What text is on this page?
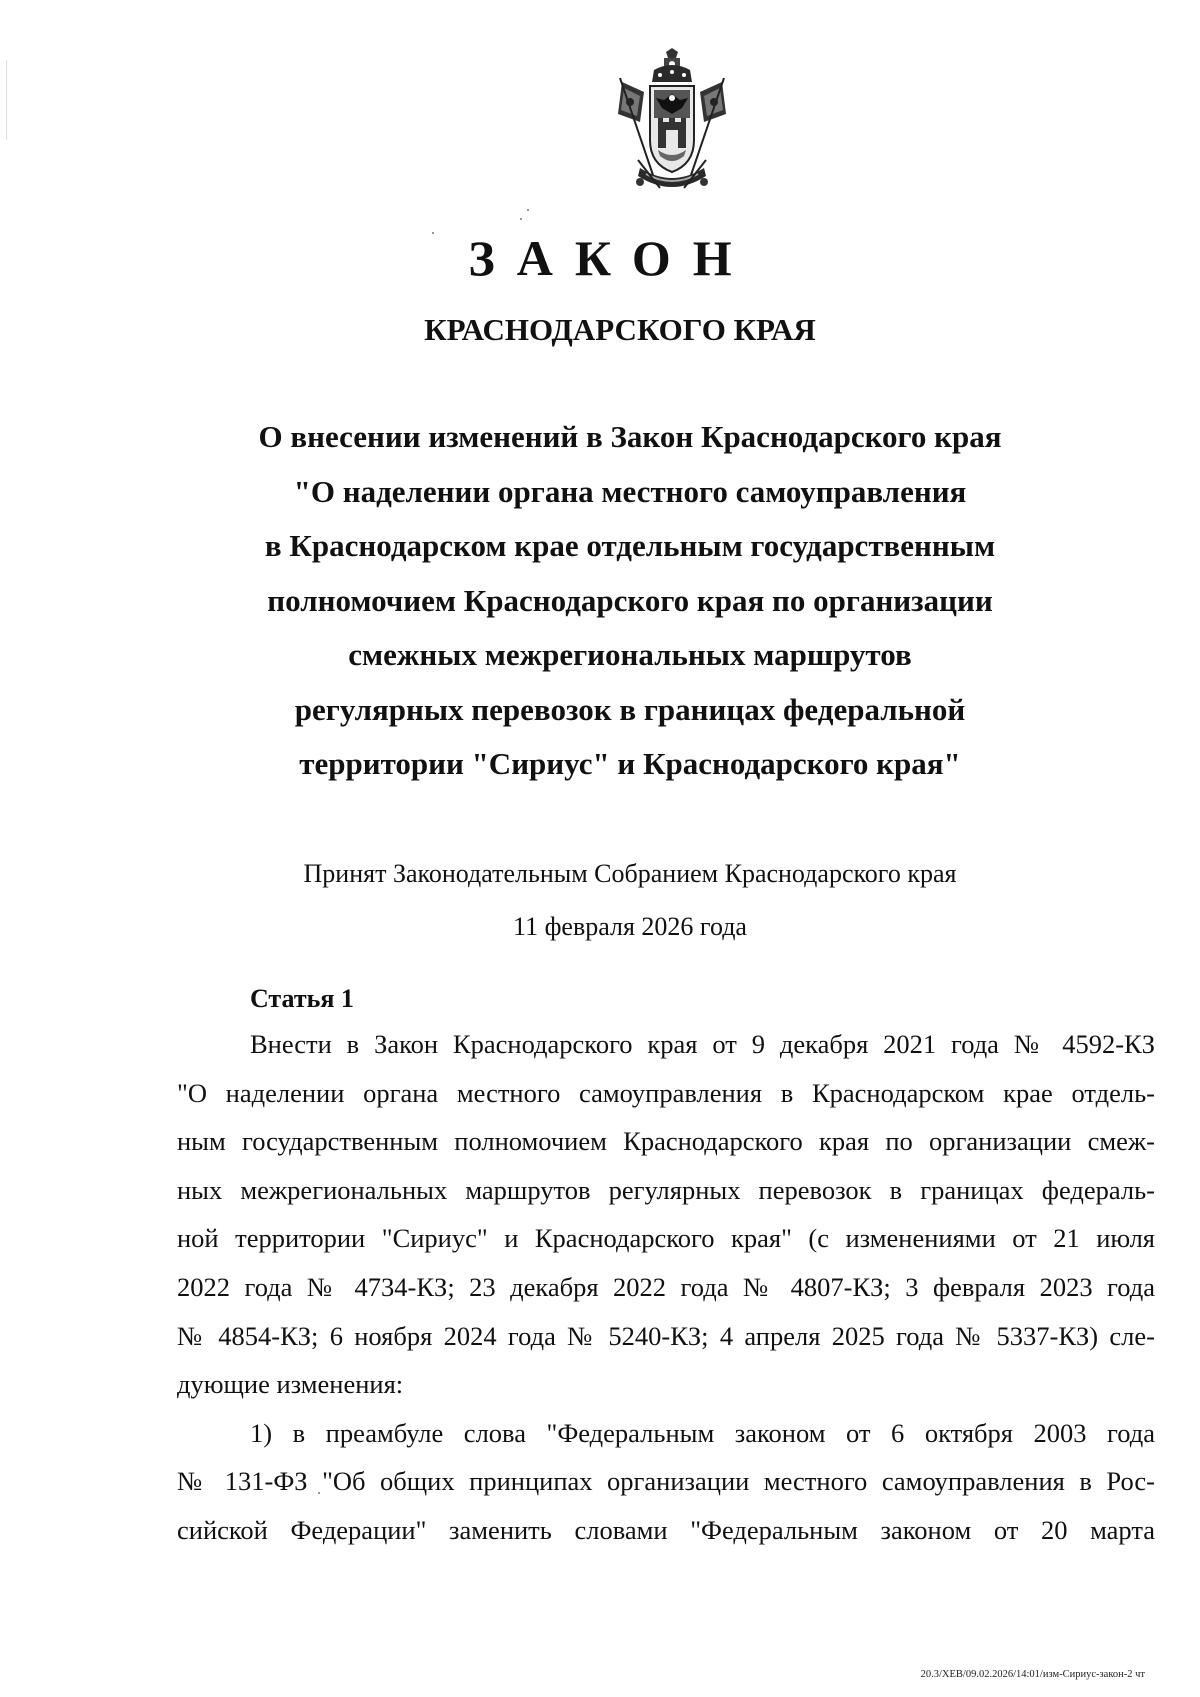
ЗАКОН
КРАСНОДАРСКОГО КРАЯ
О внесении изменений в Закон Краснодарского края
"О наделении органа местного самоуправления
в Краснодарском крае отдельным государственным
полномочием Краснодарского края по организации
смежных межрегиональных маршрутов
регулярных перевозок в границах федеральной
территории "Сириус" и Краснодарского края"
Принят Законодательным Собранием Краснодарского края
11 февраля 2026 года
Статья 1
Внести в Закон Краснодарского края от 9 декабря 2021 года № 4592-КЗ
"О наделении органа местного самоуправления в Краснодарском крае отдель-
ным государственным полномочием Краснодарского края по организации смеж-
ных межрегиональных маршрутов регулярных перевозок в границах федераль-
ной территории "Сириус" и Краснодарского края" (с изменениями от 21 июля
2022 года № 4734-КЗ; 23 декабря 2022 года № 4807-КЗ; 3 февраля 2023 года
№ 4854-КЗ; 6 ноября 2024 года № 5240-КЗ; 4 апреля 2025 года № 5337-КЗ) сле-
дующие изменения:
1) в преамбуле слова "Федеральным законом от 6 октября 2003 года
№ 131-ФЗ "Об общих принципах организации местного самоуправления в Рос-
сийской Федерации" заменить словами "Федеральным законом от 20 марта
20.3/ХЕВ/09.02.2026/14:01/изм-Сириус-закон-2 чт
